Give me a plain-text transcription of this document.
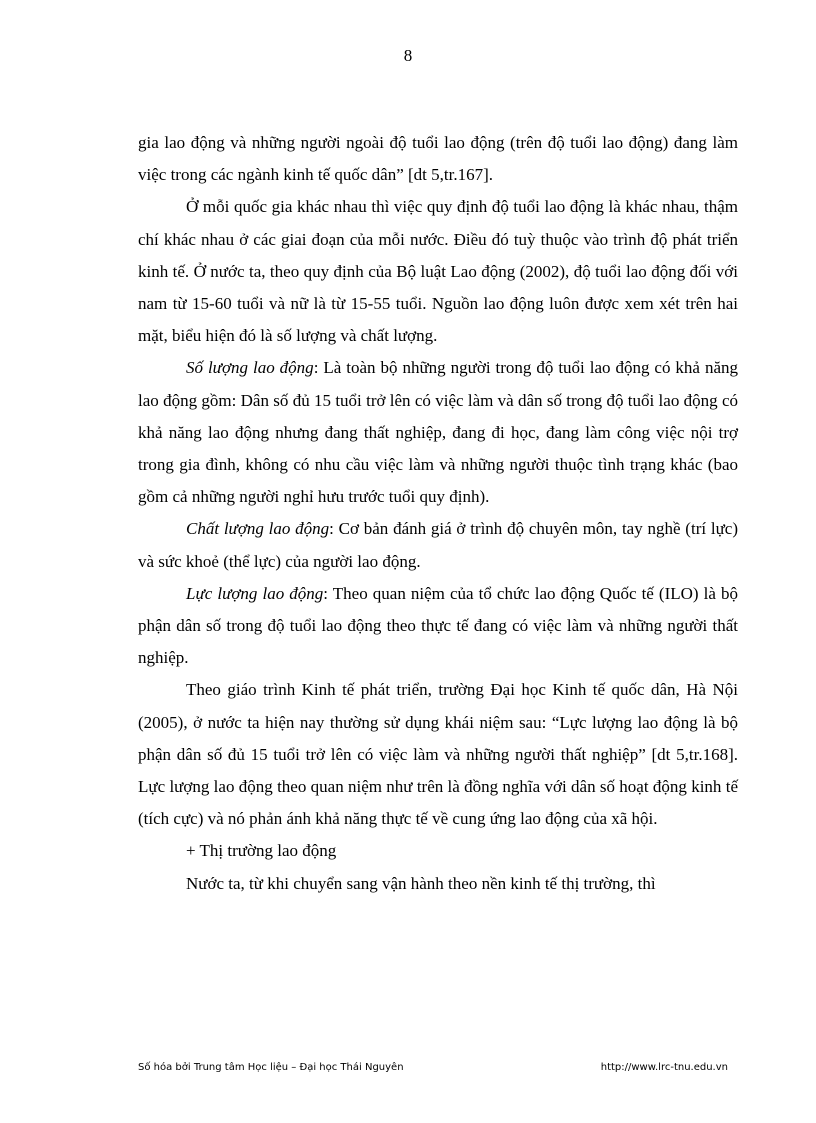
8

gia lao động và những người ngoài độ tuổi lao động (trên độ tuổi lao động) đang làm việc trong các ngành kinh tế quốc dân” [dt 5,tr.167].

Ở mỗi quốc gia khác nhau thì việc quy định độ tuổi lao động là khác nhau, thậm chí khác nhau ở các giai đoạn của mỗi nước. Điều đó tuỳ thuộc vào trình độ phát triển kinh tế. Ở nước ta, theo quy định của Bộ luật Lao động (2002), độ tuổi lao động đối với nam từ 15-60 tuổi và nữ là từ 15-55 tuổi. Nguồn lao động luôn được xem xét trên hai mặt, biểu hiện đó là số lượng và chất lượng.

Số lượng lao động: Là toàn bộ những người trong độ tuổi lao động có khả năng lao động gồm: Dân số đủ 15 tuổi trở lên có việc làm và dân số trong độ tuổi lao động có khả năng lao động nhưng đang thất nghiệp, đang đi học, đang làm công việc nội trợ trong gia đình, không có nhu cầu việc làm và những người thuộc tình trạng khác (bao gồm cả những người nghỉ hưu trước tuổi quy định).

Chất lượng lao động: Cơ bản đánh giá ở trình độ chuyên môn, tay nghề (trí lực) và sức khoẻ (thể lực) của người lao động.

Lực lượng lao động: Theo quan niệm của tổ chức lao động Quốc tế (ILO) là bộ phận dân số trong độ tuổi lao động theo thực tế đang có việc làm và những người thất nghiệp.

Theo giáo trình Kinh tế phát triển, trường Đại học Kinh tế quốc dân, Hà Nội (2005), ở nước ta hiện nay thường sử dụng khái niệm sau: “Lực lượng lao động là bộ phận dân số đủ 15 tuổi trở lên có việc làm và những người thất nghiệp” [dt 5,tr.168]. Lực lượng lao động theo quan niệm như trên là đồng nghĩa với dân số hoạt động kinh tế (tích cực) và nó phản ánh khả năng thực tế về cung ứng lao động của xã hội.

+ Thị trường lao động

Nước ta, từ khi chuyển sang vận hành theo nền kinh tế thị trường, thì

Số hóa bởi Trung tâm Học liệu – Đại học Thái Nguyên	http://www.lrc-tnu.edu.vn
